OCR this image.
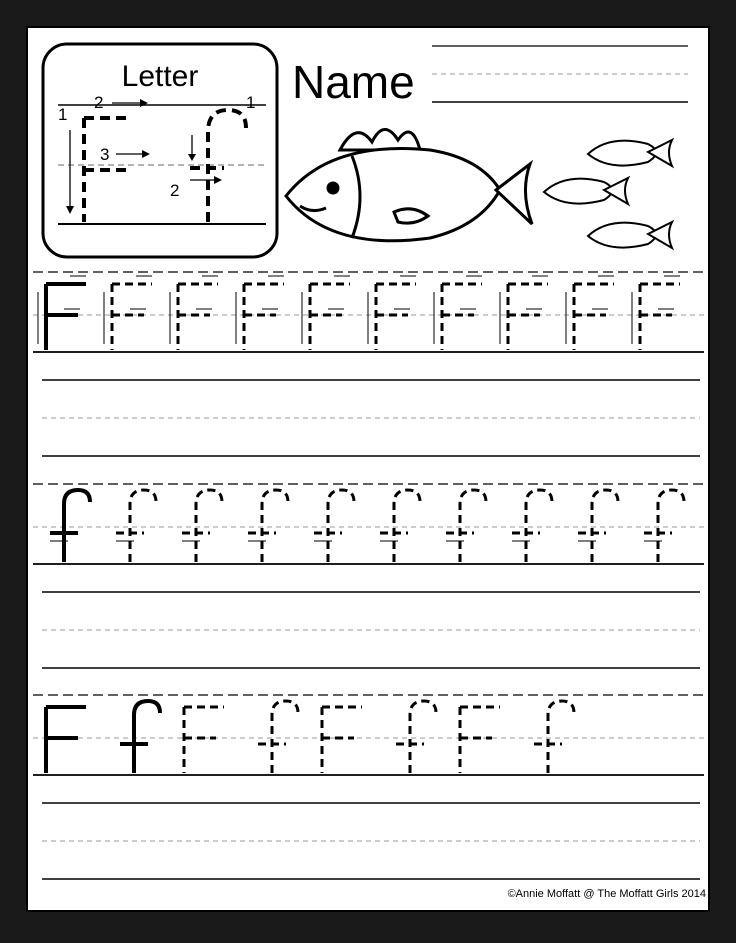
Letter
1
2
3
1
2
Name
©Annie Moffatt @ The Moffatt Girls 2014
